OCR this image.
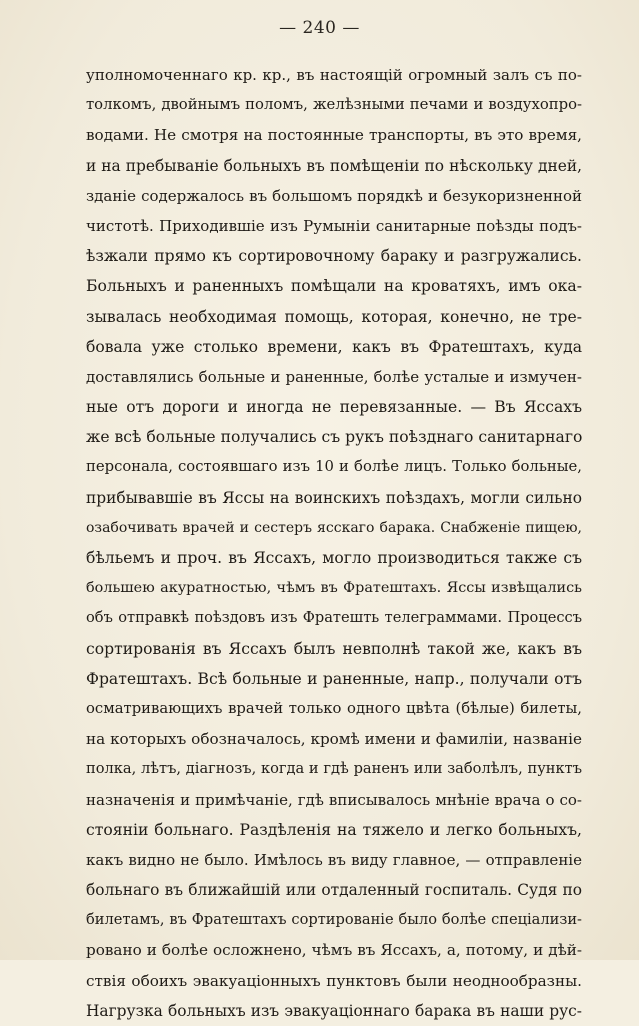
— 240 —
уполномоченнаго кр. кр., въ настоящій огромный залъ съ по-
толкомъ, двойнымъ поломъ, желѣзными печами и воздухопро-
водами. Не смотря на постоянные транспорты, въ это время,
и на пребываніе больныхъ въ помѣщеніи по нѣскольку дней,
зданіе содержалось въ большомъ порядкѣ и безукоризненной
чистотѣ. Приходившіе изъ Румыніи санитарные поѣзды подъ-
ѣзжали прямо къ сортировочному бараку и разгружались.
Больныхъ и раненныхъ помѣщали на кроватяхъ, имъ ока-
зывалась необходимая помощь, которая, конечно, не тре-
бовала уже столько времени, какъ въ Фратештахъ, куда
доставлялись больные и раненные, болѣе усталые и измучен-
ные отъ дороги и иногда не перевязанные. — Въ Яссахъ
же всѣ больные получались съ рукъ поѣзднаго санитарнаго
персонала, состоявшаго изъ 10 и болѣе лицъ. Только больные,
прибывавшіе въ Яссы на воинскихъ поѣздахъ, могли сильно
озабочивать врачей и сестеръ ясскаго барака. Снабженіе пищею,
бѣльемъ и проч. въ Яссахъ, могло производиться также съ
большею акуратностью, чѣмъ въ Фратештахъ. Яссы извѣщались
объ отправкѣ поѣздовъ изъ Фратешть телеграммами. Процессъ
сортированія въ Яссахъ былъ невполнѣ такой же, какъ въ
Фратештахъ. Всѣ больные и раненные, напр., получали отъ
осматривающихъ врачей только одного цвѣта (бѣлые) билеты,
на которыхъ обозначалось, кромѣ имени и фамиліи, названіе
полка, лѣтъ, діагнозъ, когда и гдѣ раненъ или заболѣлъ, пунктъ
назначенія и примѣчаніе, гдѣ вписывалось мнѣніе врача о со-
стояніи больнаго. Раздѣленія на тяжело и легко больныхъ,
какъ видно не было. Имѣлось въ виду главное, — отправленіе
больнаго въ ближайшій или отдаленный госпиталь. Судя по
билетамъ, въ Фратештахъ сортированіе было болѣе спеціализи-
ровано и болѣе осложнено, чѣмъ въ Яссахъ, а, потому, и дѣй-
ствія обоихъ эвакуаціонныхъ пунктовъ были неоднообразны.
Нагрузка больныхъ изъ эвакуаціоннаго барака въ наши рус-
